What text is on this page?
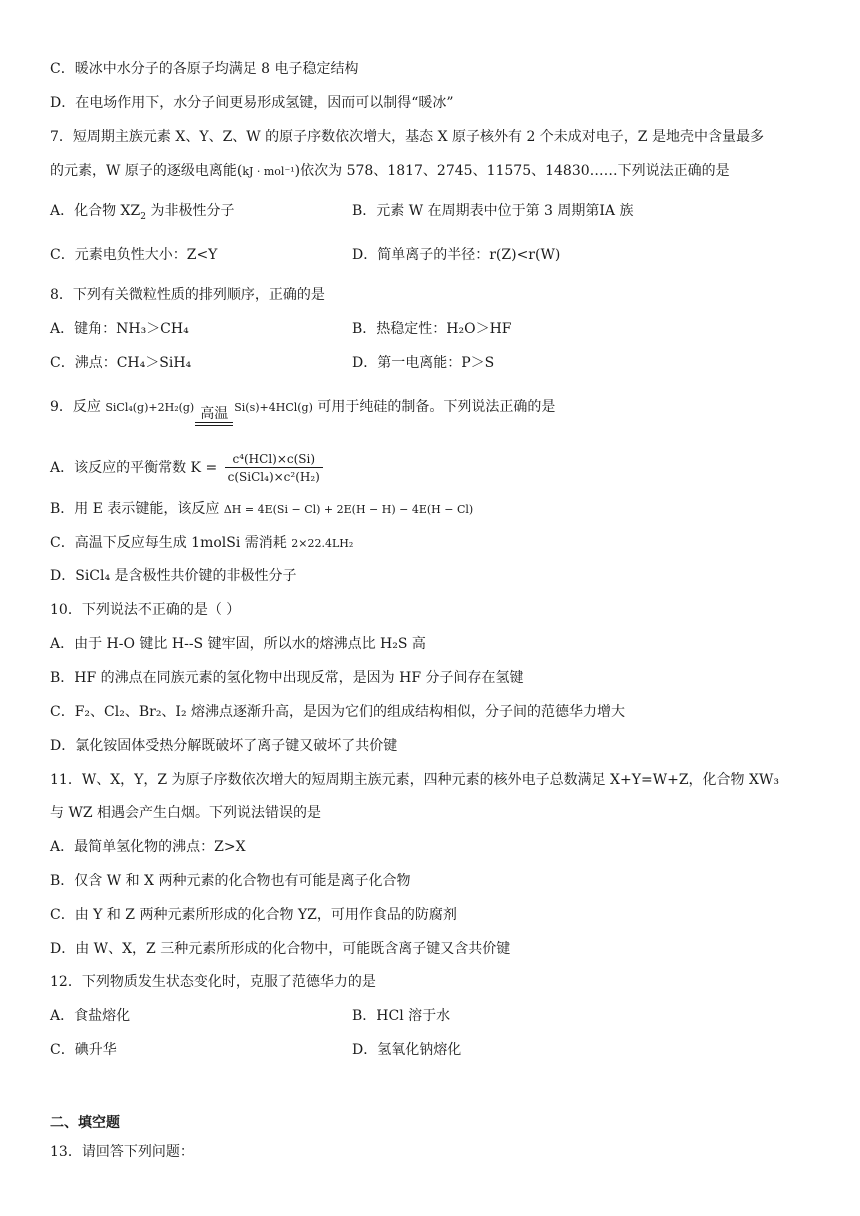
C．暖冰中水分子的各原子均满足 8 电子稳定结构
D．在电场作用下，水分子间更易形成氢键，因而可以制得“暖冰”
7．短周期主族元素 X、Y、Z、W 的原子序数依次增大，基态 X 原子核外有 2 个未成对电子，Z 是地壳中含量最多
的元素，W 原子的逐级电离能(kJ · mol⁻¹)依次为 578、1817、2745、11575、14830……下列说法正确的是
A．化合物 $XZ_2$ 为非极性分子	B．元素 W 在周期表中位于第 3 周期第ⅠA 族
C．元素电负性大小：Z<Y	D．简单离子的半径：r(Z)<r(W)
8．下列有关微粒性质的排列顺序，正确的是
A．键角：NH₃＞CH₄	B．热稳定性：H₂O＞HF
C．沸点：CH₄＞SiH₄	D．第一电离能：P＞S
9．反应 SiCl₄(g)+2H₂(g) 高温 Si(s)+4HCl(g) 可用于纯硅的制备。下列说法正确的是
A．该反应的平衡常数 $K = \frac{\text{c⁴(HCl)×c(Si)}}{\text{c(SiCl₄)×c²(H₂)}}$
B．用 E 表示键能，该反应 ΔH = 4E(Si − Cl) + 2E(H − H) − 4E(H − Cl)
C．高温下反应每生成 1molSi 需消耗 2×22.4LH₂
D．SiCl₄ 是含极性共价键的非极性分子
10．下列说法不正确的是（ ）
A．由于 H-O 键比 H--S 键牢固，所以水的熔沸点比 H₂S 高
B．HF 的沸点在同族元素的氢化物中出现反常，是因为 HF 分子间存在氢键
C．F₂、Cl₂、Br₂、I₂ 熔沸点逐渐升高，是因为它们的组成结构相似，分子间的范德华力增大
D．氯化铵固体受热分解既破坏了离子键又破坏了共价键
11．W、X，Y，Z 为原子序数依次增大的短周期主族元素，四种元素的核外电子总数满足 X+Y=W+Z，化合物 XW₃
与 WZ 相遇会产生白烟。下列说法错误的是
A．最简单氢化物的沸点：Z>X
B．仅含 W 和 X 两种元素的化合物也有可能是离子化合物
C．由 Y 和 Z 两种元素所形成的化合物 YZ，可用作食品的防腐剂
D．由 W、X，Z 三种元素所形成的化合物中，可能既含离子键又含共价键
12．下列物质发生状态变化时，克服了范德华力的是
A．食盐熔化	B．HCl 溶于水
C．碘升华	D．氢氧化钠熔化
二、填空题
13．请回答下列问题：
